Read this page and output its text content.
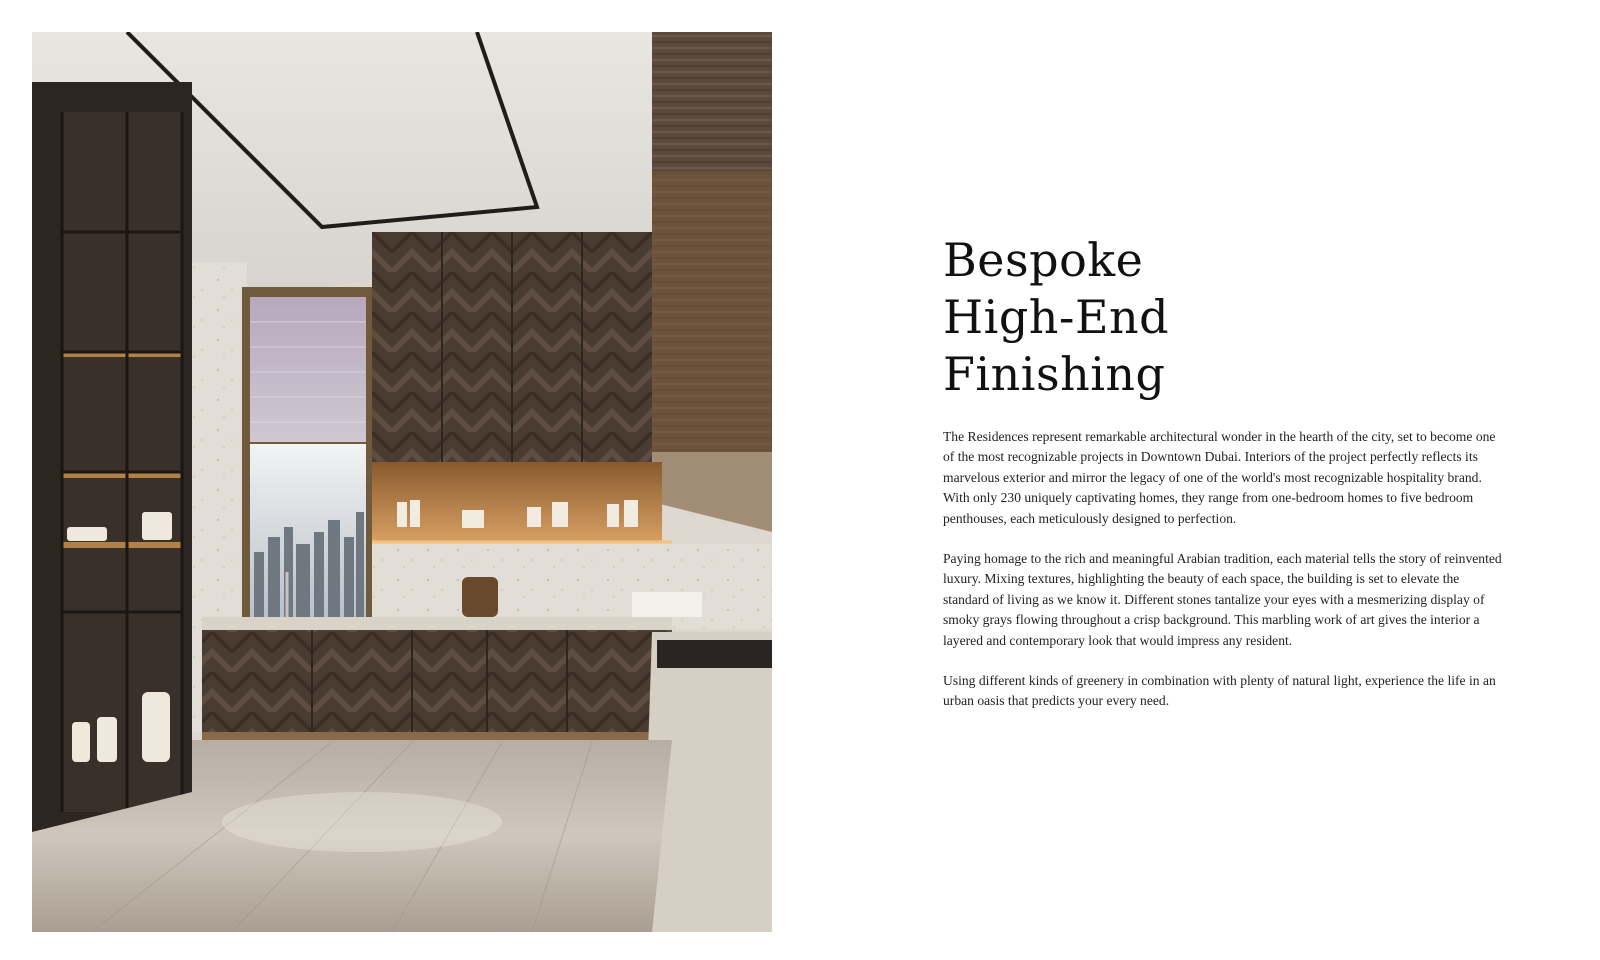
Bespoke
High-End
Finishing

The Residences represent remarkable architectural wonder in the hearth of the city, set to become one of the most recognizable projects in Downtown Dubai. Interiors of the project perfectly reflects its marvelous exterior and mirror the legacy of one of the world's most recognizable hospitality brand. With only 230 uniquely captivating homes, they range from one-bedroom homes to five bedroom penthouses, each meticulously designed to perfection.

Paying homage to the rich and meaningful Arabian tradition, each material tells the story of reinvented luxury. Mixing textures, highlighting the beauty of each space, the building is set to elevate the standard of living as we know it. Different stones tantalize your eyes with a mesmerizing display of smoky grays flowing throughout a crisp background. This marbling work of art gives the interior a layered and contemporary look that would impress any resident.

Using different kinds of greenery in combination with plenty of natural light, experience the life in an urban oasis that predicts your every need.
